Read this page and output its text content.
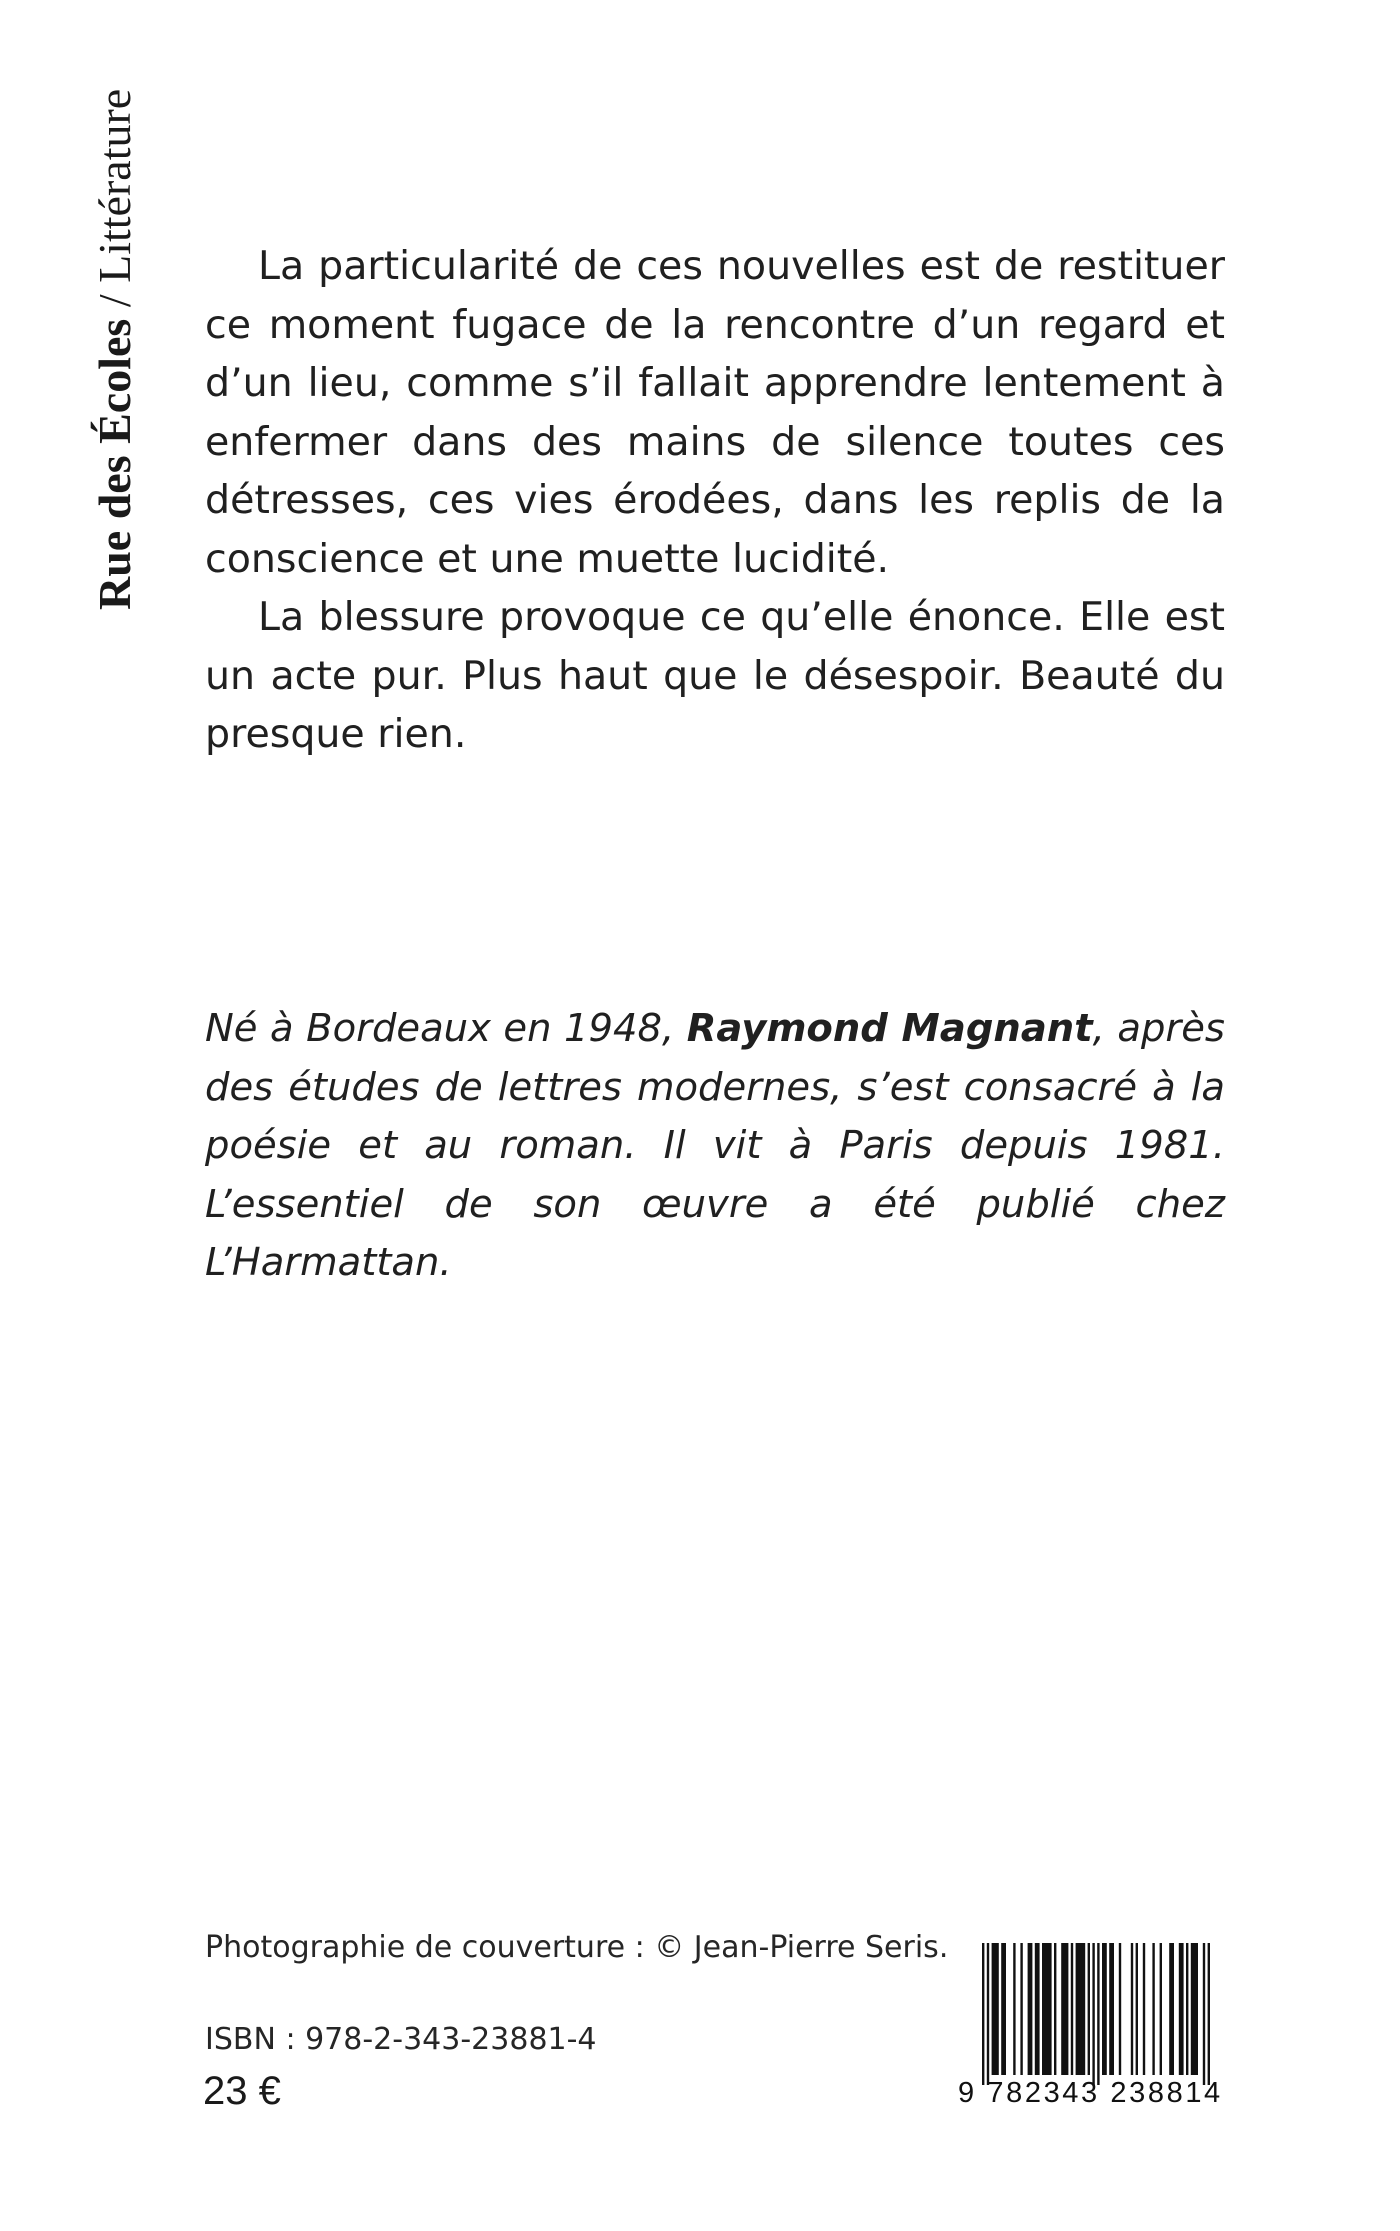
Rue des Écoles / Littérature	La particularité de ces nouvelles est de restituer ce moment fugace de la rencontre d’un regard et d’un lieu, comme s’il fallait apprendre lentement à enfermer dans des mains de silence toutes ces détresses, ces vies érodées, dans les replis de la conscience et une muette lucidité.

La blessure provoque ce qu’elle énonce. Elle est un acte pur. Plus haut que le désespoir. Beauté du presque rien.

Né à Bordeaux en 1948, Raymond Magnant, après des études de lettres modernes, s’est consacré à la poésie et au roman. Il vit à Paris depuis 1981. L’essentiel de son œuvre a été publié chez L’Harmattan.
Photographie de couverture : © Jean-Pierre Seris.
ISBN : 978-2-343-23881-4
23 €	9 782343 238814
